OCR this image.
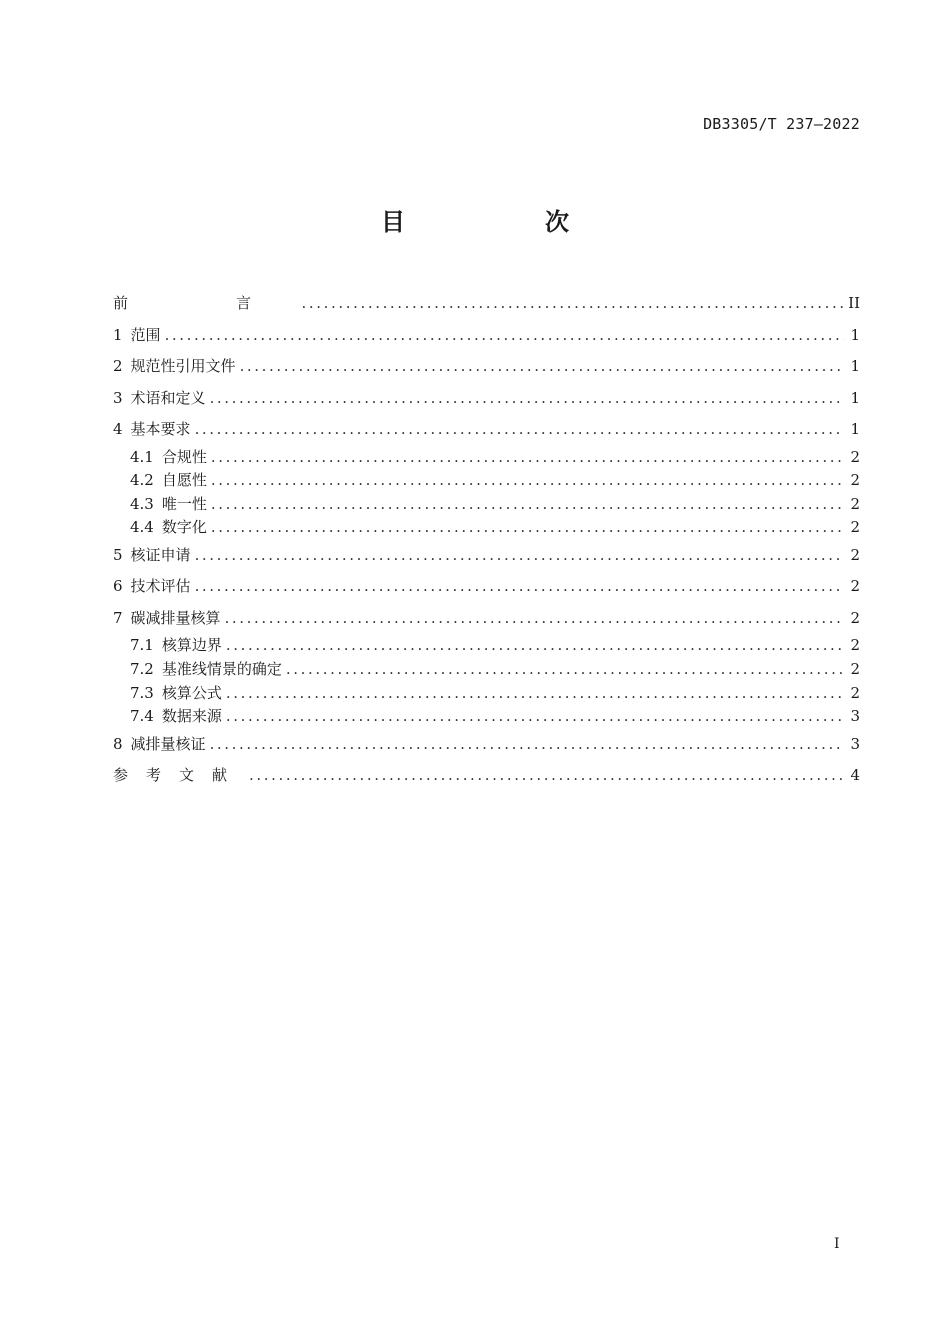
DB3305/T 237—2022
目　次
前　言 .....	II
1 范围 .....	1
2 规范性引用文件 .....	1
3 术语和定义 .....	1
4 基本要求 .....	1
4.1 合规性 .....	2
4.2 自愿性 .....	2
4.3 唯一性 .....	2
4.4 数字化 .....	2
5 核证申请 .....	2
6 技术评估 .....	2
7 碳减排量核算 .....	2
7.1 核算边界 .....	2
7.2 基准线情景的确定 .....	2
7.3 核算公式 .....	2
7.4 数据来源 .....	3
8 减排量核证 .....	3
参考文献 .....	4
I
